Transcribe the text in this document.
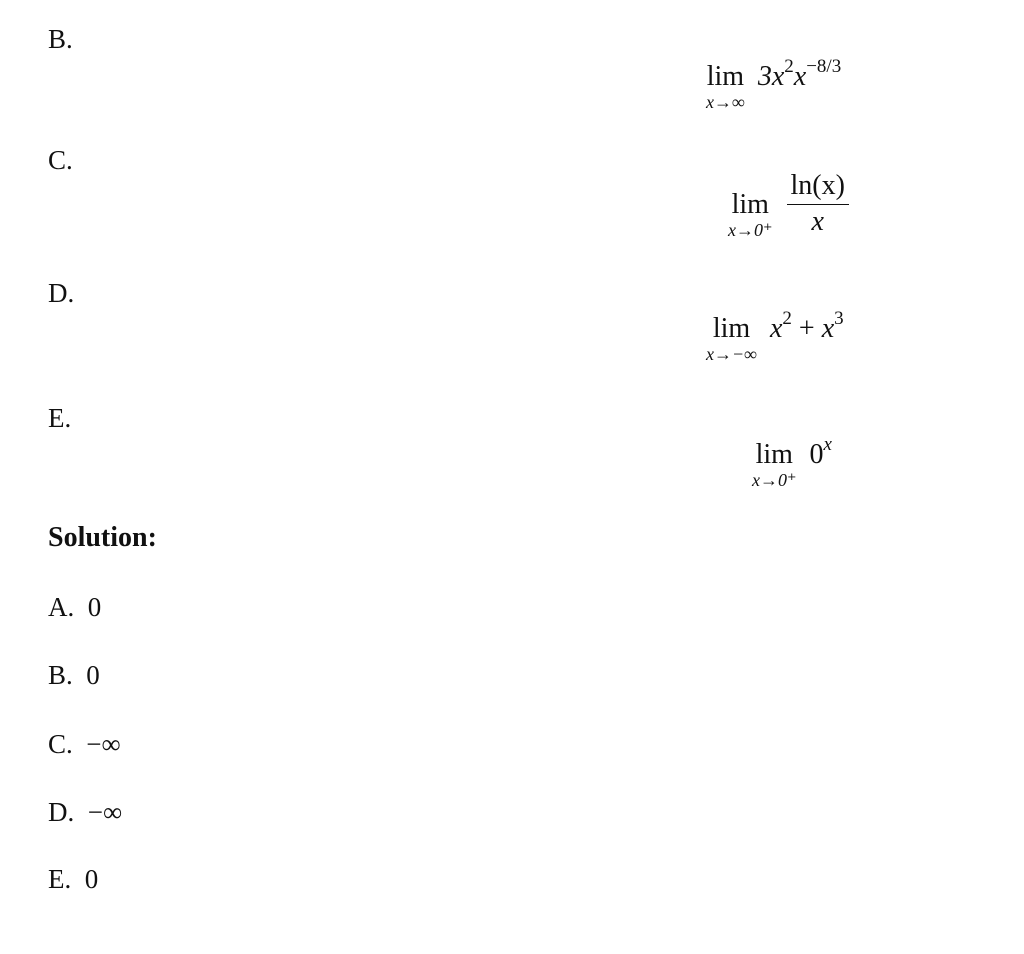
B.
lim
x→∞
$3x^2x^{-8/3}$
C.
lim
$x\to 0^+ \frac{\ln(x)}{x}$
D.
lim
x→−∞
$x^2 + x^3$
E.
lim
x→0⁺
0$^x$
Solution:
A. 0
B. 0
C. −∞
D. −∞
E. 0
